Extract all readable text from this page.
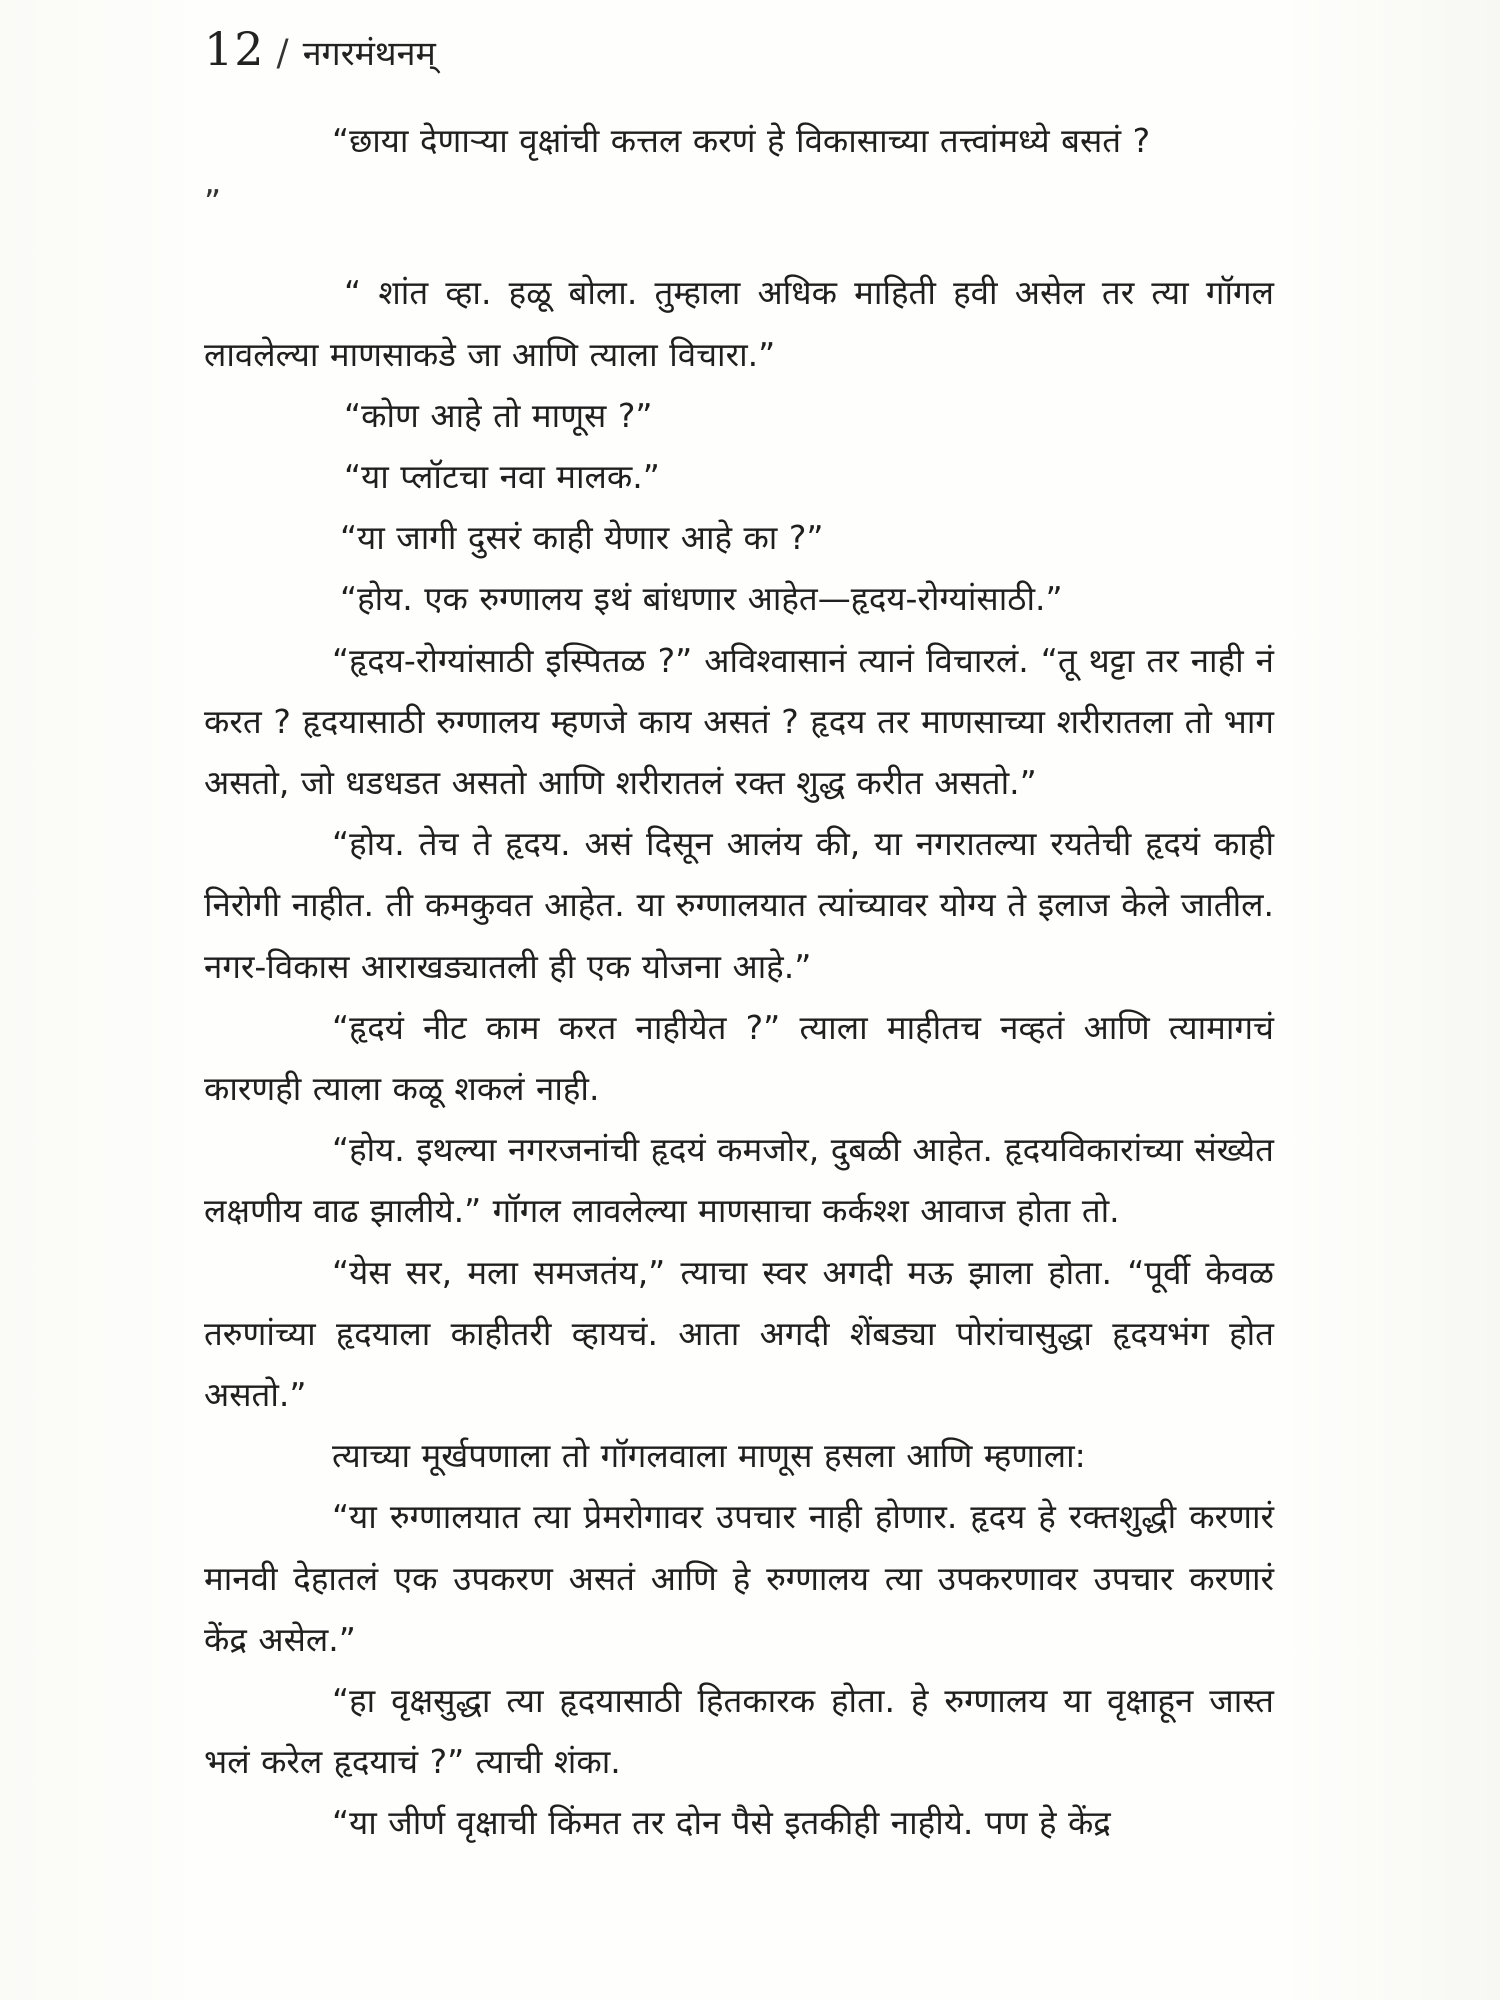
12 / नगरमंथनम्

“छाया देणाऱ्या वृक्षांची कत्तल करणं हे विकासाच्या तत्त्वांमध्ये बसतं ?

”

“ शांत व्हा. हळू बोला. तुम्हाला अधिक माहिती हवी असेल तर त्या गॉगल लावलेल्या माणसाकडे जा आणि त्याला विचारा.”

“कोण आहे तो माणूस ?”

“या प्लॉटचा नवा मालक.”

“या जागी दुसरं काही येणार आहे का ?”

“होय. एक रुग्णालय इथं बांधणार आहेत—हृदय-रोग्यांसाठी.”

“हृदय-रोग्यांसाठी इस्पितळ ?” अविश्वासानं त्यानं विचारलं. “तू थट्टा तर नाही नं करत ? हृदयासाठी रुग्णालय म्हणजे काय असतं ? हृदय तर माणसाच्या शरीरातला तो भाग असतो, जो धडधडत असतो आणि शरीरातलं रक्त शुद्ध करीत असतो.”

“होय. तेच ते हृदय. असं दिसून आलंय की, या नगरातल्या रयतेची हृदयं काही निरोगी नाहीत. ती कमकुवत आहेत. या रुग्णालयात त्यांच्यावर योग्य ते इलाज केले जातील. नगर-विकास आराखड्यातली ही एक योजना आहे.”

“हृदयं नीट काम करत नाहीयेत ?” त्याला माहीतच नव्हतं आणि त्यामागचं कारणही त्याला कळू शकलं नाही.

“होय. इथल्या नगरजनांची हृदयं कमजोर, दुबळी आहेत. हृदयविकारांच्या संख्येत लक्षणीय वाढ झालीये.” गॉगल लावलेल्या माणसाचा कर्कश्श आवाज होता तो.

“येस सर, मला समजतंय,” त्याचा स्वर अगदी मऊ झाला होता. “पूर्वी केवळ तरुणांच्या हृदयाला काहीतरी व्हायचं. आता अगदी शेंबड्या पोरांचासुद्धा हृदयभंग होत असतो.”

त्याच्या मूर्खपणाला तो गॉगलवाला माणूस हसला आणि म्हणाला:

“या रुग्णालयात त्या प्रेमरोगावर उपचार नाही होणार. हृदय हे रक्तशुद्धी करणारं मानवी देहातलं एक उपकरण असतं आणि हे रुग्णालय त्या उपकरणावर उपचार करणारं केंद्र असेल.”

“हा वृक्षसुद्धा त्या हृदयासाठी हितकारक होता. हे रुग्णालय या वृक्षाहून जास्त भलं करेल हृदयाचं ?” त्याची शंका.

“या जीर्ण वृक्षाची किंमत तर दोन पैसे इतकीही नाहीये. पण हे केंद्र
